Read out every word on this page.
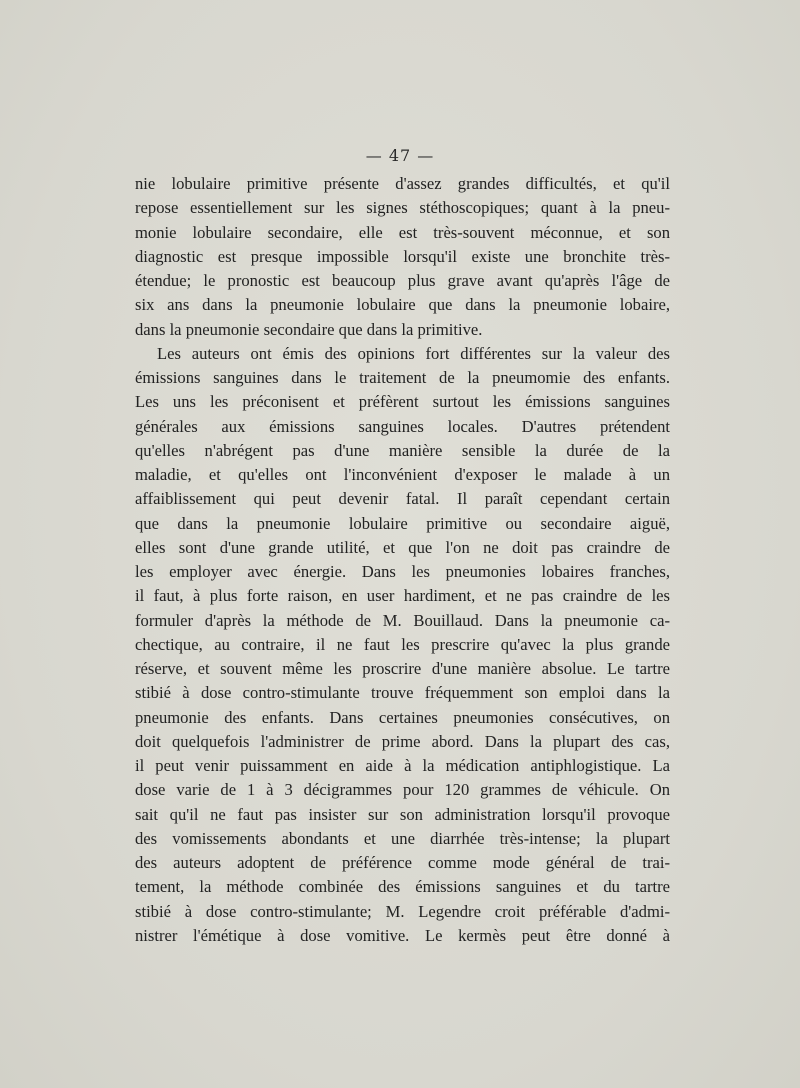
— 47 —
nie lobulaire primitive présente d'assez grandes difficultés, et qu'il
repose essentiellement sur les signes stéthoscopiques; quant à la pneu-
monie lobulaire secondaire, elle est très-souvent méconnue, et son
diagnostic est presque impossible lorsqu'il existe une bronchite très-
étendue; le pronostic est beaucoup plus grave avant qu'après l'âge de
six ans dans la pneumonie lobulaire que dans la pneumonie lobaire,
dans la pneumonie secondaire que dans la primitive.
Les auteurs ont émis des opinions fort différentes sur la valeur des
émissions sanguines dans le traitement de la pneumomie des enfants.
Les uns les préconisent et préfèrent surtout les émissions sanguines
générales aux émissions sanguines locales. D'autres prétendent
qu'elles n'abrégent pas d'une manière sensible la durée de la
maladie, et qu'elles ont l'inconvénient d'exposer le malade à un
affaiblissement qui peut devenir fatal. Il paraît cependant certain
que dans la pneumonie lobulaire primitive ou secondaire aiguë,
elles sont d'une grande utilité, et que l'on ne doit pas craindre de
les employer avec énergie. Dans les pneumonies lobaires franches,
il faut, à plus forte raison, en user hardiment, et ne pas craindre de les
formuler d'après la méthode de M. Bouillaud. Dans la pneumonie ca-
chectique, au contraire, il ne faut les prescrire qu'avec la plus grande
réserve, et souvent même les proscrire d'une manière absolue. Le tartre
stibié à dose contro-stimulante trouve fréquemment son emploi dans la
pneumonie des enfants. Dans certaines pneumonies consécutives, on
doit quelquefois l'administrer de prime abord. Dans la plupart des cas,
il peut venir puissamment en aide à la médication antiphlogistique. La
dose varie de 1 à 3 décigrammes pour 120 grammes de véhicule. On
sait qu'il ne faut pas insister sur son administration lorsqu'il provoque
des vomissements abondants et une diarrhée très-intense; la plupart
des auteurs adoptent de préférence comme mode général de trai-
tement, la méthode combinée des émissions sanguines et du tartre
stibié à dose contro-stimulante; M. Legendre croit préférable d'admi-
nistrer l'émétique à dose vomitive. Le kermès peut être donné à
